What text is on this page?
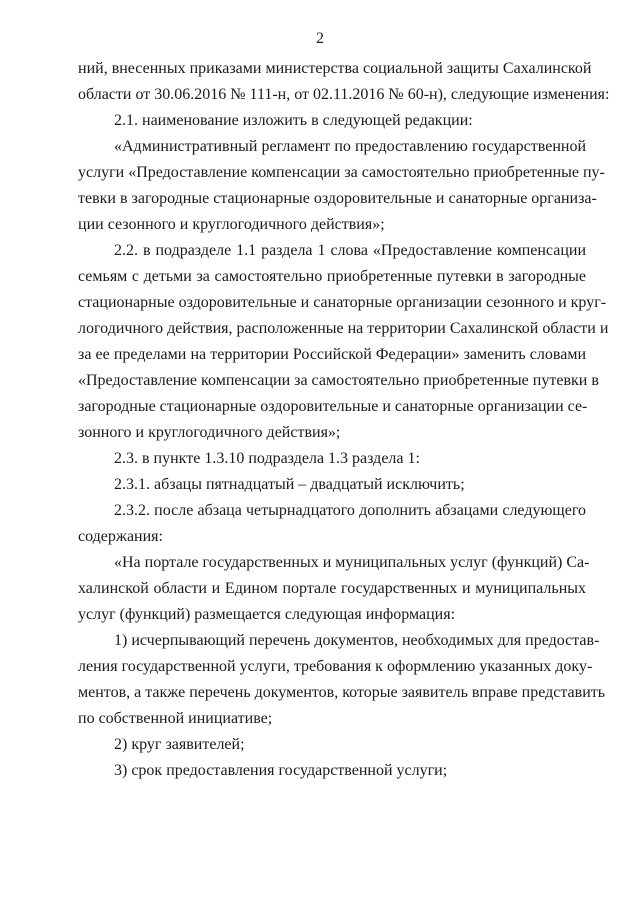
2

ний, внесенных приказами министерства социальной защиты Сахалинской
области от 30.06.2016 № 111-н, от 02.11.2016 № 60-н), следующие изменения:

2.1. наименование изложить в следующей редакции:

«Административный регламент по предоставлению государственной
услуги «Предоставление компенсации за самостоятельно приобретенные пу-
тевки в загородные стационарные оздоровительные и санаторные организа-
ции сезонного и круглогодичного действия»;

2.2. в подразделе 1.1 раздела 1 слова «Предоставление компенсации
семьям с детьми за самостоятельно приобретенные путевки в загородные
стационарные оздоровительные и санаторные организации сезонного и круг-
логодичного действия, расположенные на территории Сахалинской области и
за ее пределами на территории Российской Федерации» заменить словами
«Предоставление компенсации за самостоятельно приобретенные путевки в
загородные стационарные оздоровительные и санаторные организации се-
зонного и круглогодичного действия»;

2.3. в пункте 1.3.10 подраздела 1.3 раздела 1:

2.3.1. абзацы пятнадцатый – двадцатый исключить;

2.3.2. после абзаца четырнадцатого дополнить абзацами следующего
содержания:

«На портале государственных и муниципальных услуг (функций) Са-
халинской области и Едином портале государственных и муниципальных
услуг (функций) размещается следующая информация:

1) исчерпывающий перечень документов, необходимых для предостав-
ления государственной услуги, требования к оформлению указанных доку-
ментов, а также перечень документов, которые заявитель вправе представить
по собственной инициативе;

2) круг заявителей;

3) срок предоставления государственной услуги;
